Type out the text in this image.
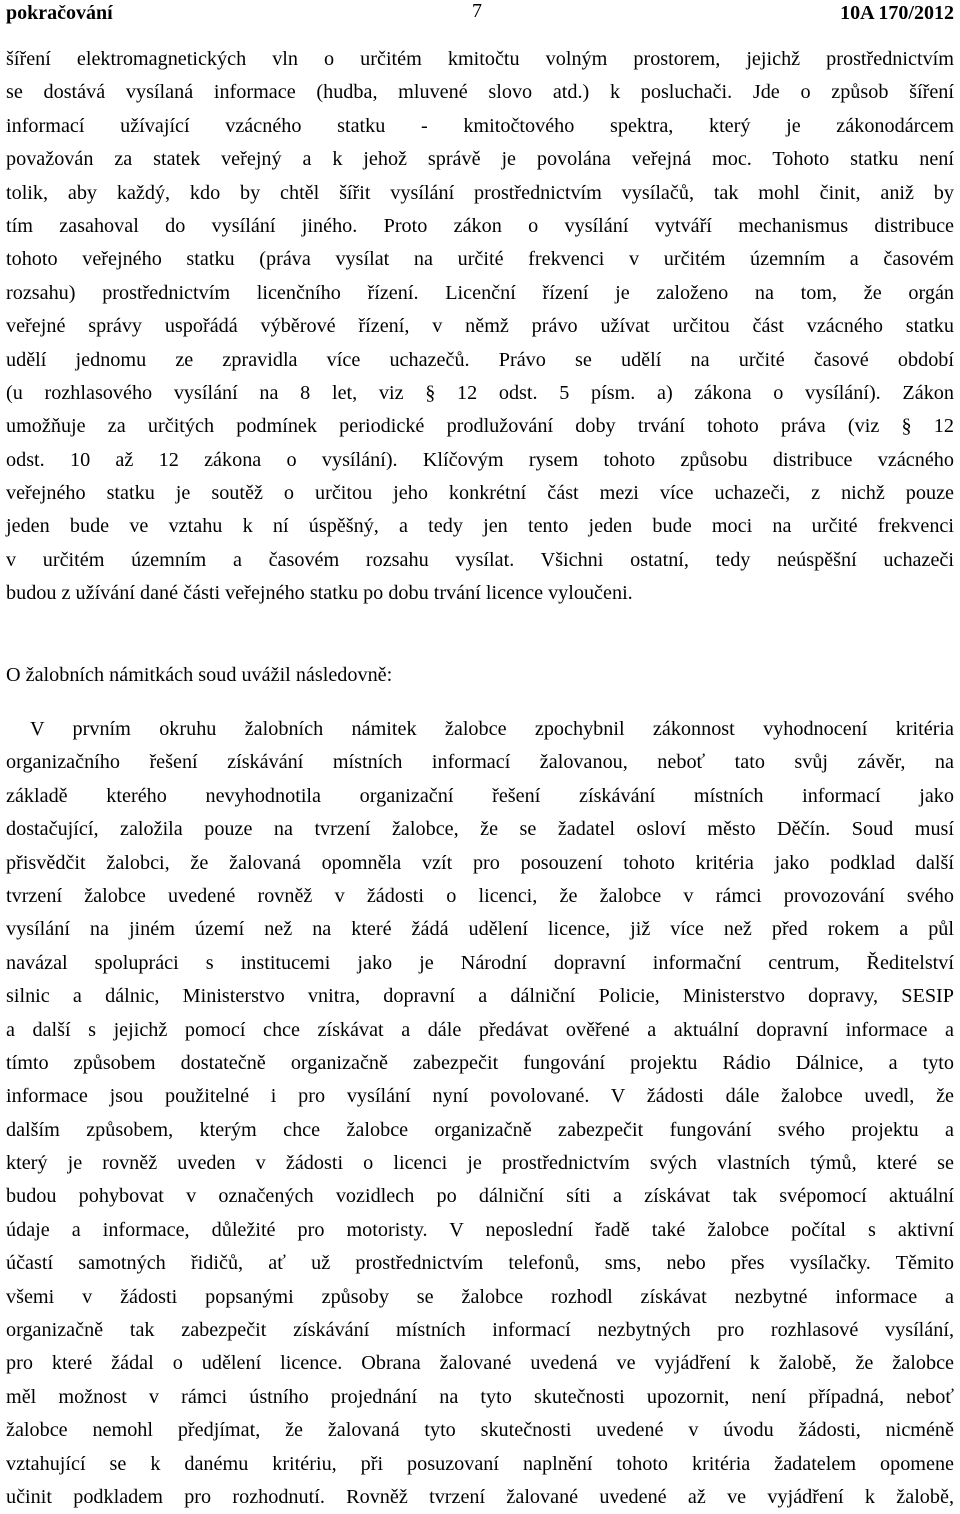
pokračování	7	10A 170/2012
šíření elektromagnetických vln o určitém kmitočtu volným prostorem, jejichž prostřednictvím
se dostává vysílaná informace (hudba, mluvené slovo atd.) k posluchači. Jde o způsob šíření
informací užívající vzácného statku - kmitočtového spektra, který je zákonodárcem
považován za statek veřejný a k jehož správě je povolána veřejná moc. Tohoto statku není
tolik, aby každý, kdo by chtěl šířit vysílání prostřednictvím vysílačů, tak mohl činit, aniž by
tím zasahoval do vysílání jiného. Proto zákon o vysílání vytváří mechanismus distribuce
tohoto veřejného statku (práva vysílat na určité frekvenci v určitém územním a časovém
rozsahu) prostřednictvím licenčního řízení. Licenční řízení je založeno na tom, že orgán
veřejné správy uspořádá výběrové řízení, v němž právo užívat určitou část vzácného statku
udělí jednomu ze zpravidla více uchazečů. Právo se udělí na určité časové období
(u rozhlasového vysílání na 8 let, viz § 12 odst. 5 písm. a) zákona o vysílání). Zákon
umožňuje za určitých podmínek periodické prodlužování doby trvání tohoto práva (viz § 12
odst. 10 až 12 zákona o vysílání). Klíčovým rysem tohoto způsobu distribuce vzácného
veřejného statku je soutěž o určitou jeho konkrétní část mezi více uchazeči, z nichž pouze
jeden bude ve vztahu k ní úspěšný, a tedy jen tento jeden bude moci na určité frekvenci
v určitém územním a časovém rozsahu vysílat. Všichni ostatní, tedy neúspěšní uchazeči
budou z užívání dané části veřejného statku po dobu trvání licence vyloučeni.
O žalobních námitkách soud uvážil následovně:
V prvním okruhu žalobních námitek žalobce zpochybnil zákonnost vyhodnocení kritéria
organizačního řešení získávání místních informací žalovanou, neboť tato svůj závěr, na
základě kterého nevyhodnotila organizační řešení získávání místních informací jako
dostačující, založila pouze na tvrzení žalobce, že se žadatel osloví město Děčín. Soud musí
přisvědčit žalobci, že žalovaná opomněla vzít pro posouzení tohoto kritéria jako podklad další
tvrzení žalobce uvedené rovněž v žádosti o licenci, že žalobce v rámci provozování svého
vysílání na jiném území než na které žádá udělení licence, již více než před rokem a půl
navázal spolupráci s institucemi jako je Národní dopravní informační centrum, Ředitelství
silnic a dálnic, Ministerstvo vnitra, dopravní a dálniční Policie, Ministerstvo dopravy, SESIP
a další s jejichž pomocí chce získávat a dále předávat ověřené a aktuální dopravní informace a
tímto způsobem dostatečně organizačně zabezpečit fungování projektu Rádio Dálnice, a tyto
informace jsou použitelné i pro vysílání nyní povolované. V žádosti dále žalobce uvedl, že
dalším způsobem, kterým chce žalobce organizačně zabezpečit fungování svého projektu a
který je rovněž uveden v žádosti o licenci je prostřednictvím svých vlastních týmů, které se
budou pohybovat v označených vozidlech po dálniční síti a získávat tak svépomocí aktuální
údaje a informace, důležité pro motoristy. V neposlední řadě také žalobce počítal s aktivní
účastí samotných řidičů, ať už prostřednictvím telefonů, sms, nebo přes vysílačky. Těmito
všemi v žádosti popsanými způsoby se žalobce rozhodl získávat nezbytné informace a
organizačně tak zabezpečit získávání místních informací nezbytných pro rozhlasové vysílání,
pro které žádal o udělení licence. Obrana žalované uvedená ve vyjádření k žalobě, že žalobce
měl možnost v rámci ústního projednání na tyto skutečnosti upozornit, není případná, neboť
žalobce nemohl předjímat, že žalovaná tyto skutečnosti uvedené v úvodu žádosti, nicméně
vztahující se k danému kritériu, při posuzovaní naplnění tohoto kritéria žadatelem opomene
učinit podkladem pro rozhodnutí. Rovněž tvrzení žalované uvedené až ve vyjádření k žalobě,
